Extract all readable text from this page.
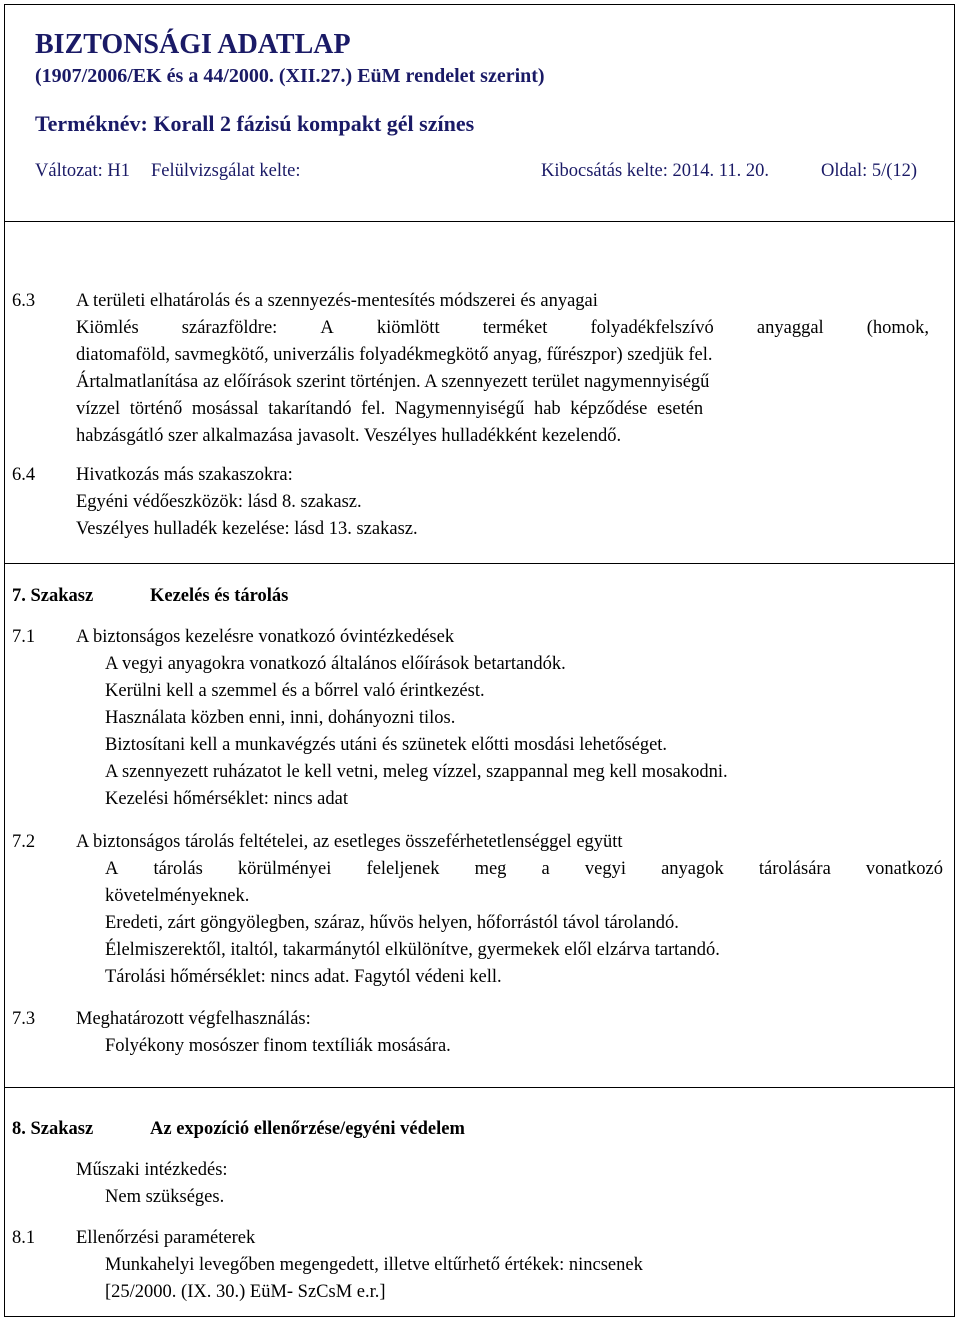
BIZTONSÁGI ADATLAP
(1907/2006/EK és a 44/2000. (XII.27.) EüM rendelet szerint)
Terméknév: Korall 2 fázisú kompakt gél színes
Változat: H1 Felülvizsgálat kelte:	Kibocsátás kelte: 2014. 11. 20.	Oldal: 5/(12)
6.3 A területi elhatárolás és a szennyezés-mentesítés módszerei és anyagai
Kiömlés szárazföldre: A kiömlött terméket folyadékfelszívó anyaggal (homok,
diatomaföld, savmegkötő, univerzális folyadékmegkötő anyag, fűrészpor) szedjük fel.
Ártalmatlanítása az előírások szerint történjen. A szennyezett terület nagymennyiségű
vízzel történő mosással takarítandó fel. Nagymennyiségű hab képződése esetén
habzásgátló szer alkalmazása javasolt. Veszélyes hulladékként kezelendő.
6.4 Hivatkozás más szakaszokra:
Egyéni védőeszközök: lásd 8. szakasz.
Veszélyes hulladék kezelése: lásd 13. szakasz.
7. Szakasz	Kezelés és tárolás
7.1 A biztonságos kezelésre vonatkozó óvintézkedések
A vegyi anyagokra vonatkozó általános előírások betartandók.
Kerülni kell a szemmel és a bőrrel való érintkezést.
Használata közben enni, inni, dohányozni tilos.
Biztosítani kell a munkavégzés utáni és szünetek előtti mosdási lehetőséget.
A szennyezett ruházatot le kell vetni, meleg vízzel, szappannal meg kell mosakodni.
Kezelési hőmérséklet: nincs adat
7.2 A biztonságos tárolás feltételei, az esetleges összeférhetetlenséggel együtt
A tárolás körülményei feleljenek meg a vegyi anyagok tárolására vonatkozó
követelményeknek.
Eredeti, zárt göngyölegben, száraz, hűvös helyen, hőforrástól távol tárolandó.
Élelmiszerektől, italtól, takarmánytól elkülönítve, gyermekek elől elzárva tartandó.
Tárolási hőmérséklet: nincs adat. Fagytól védeni kell.
7.3 Meghatározott végfelhasználás:
Folyékony mosószer finom textíliák mosására.
8. Szakasz	Az expozíció ellenőrzése/egyéni védelem
Műszaki intézkedés:
Nem szükséges.
8.1 Ellenőrzési paraméterek
Munkahelyi levegőben megengedett, illetve eltűrhető értékek: nincsenek
[25/2000. (IX. 30.) EüM- SzCsM e.r.]
